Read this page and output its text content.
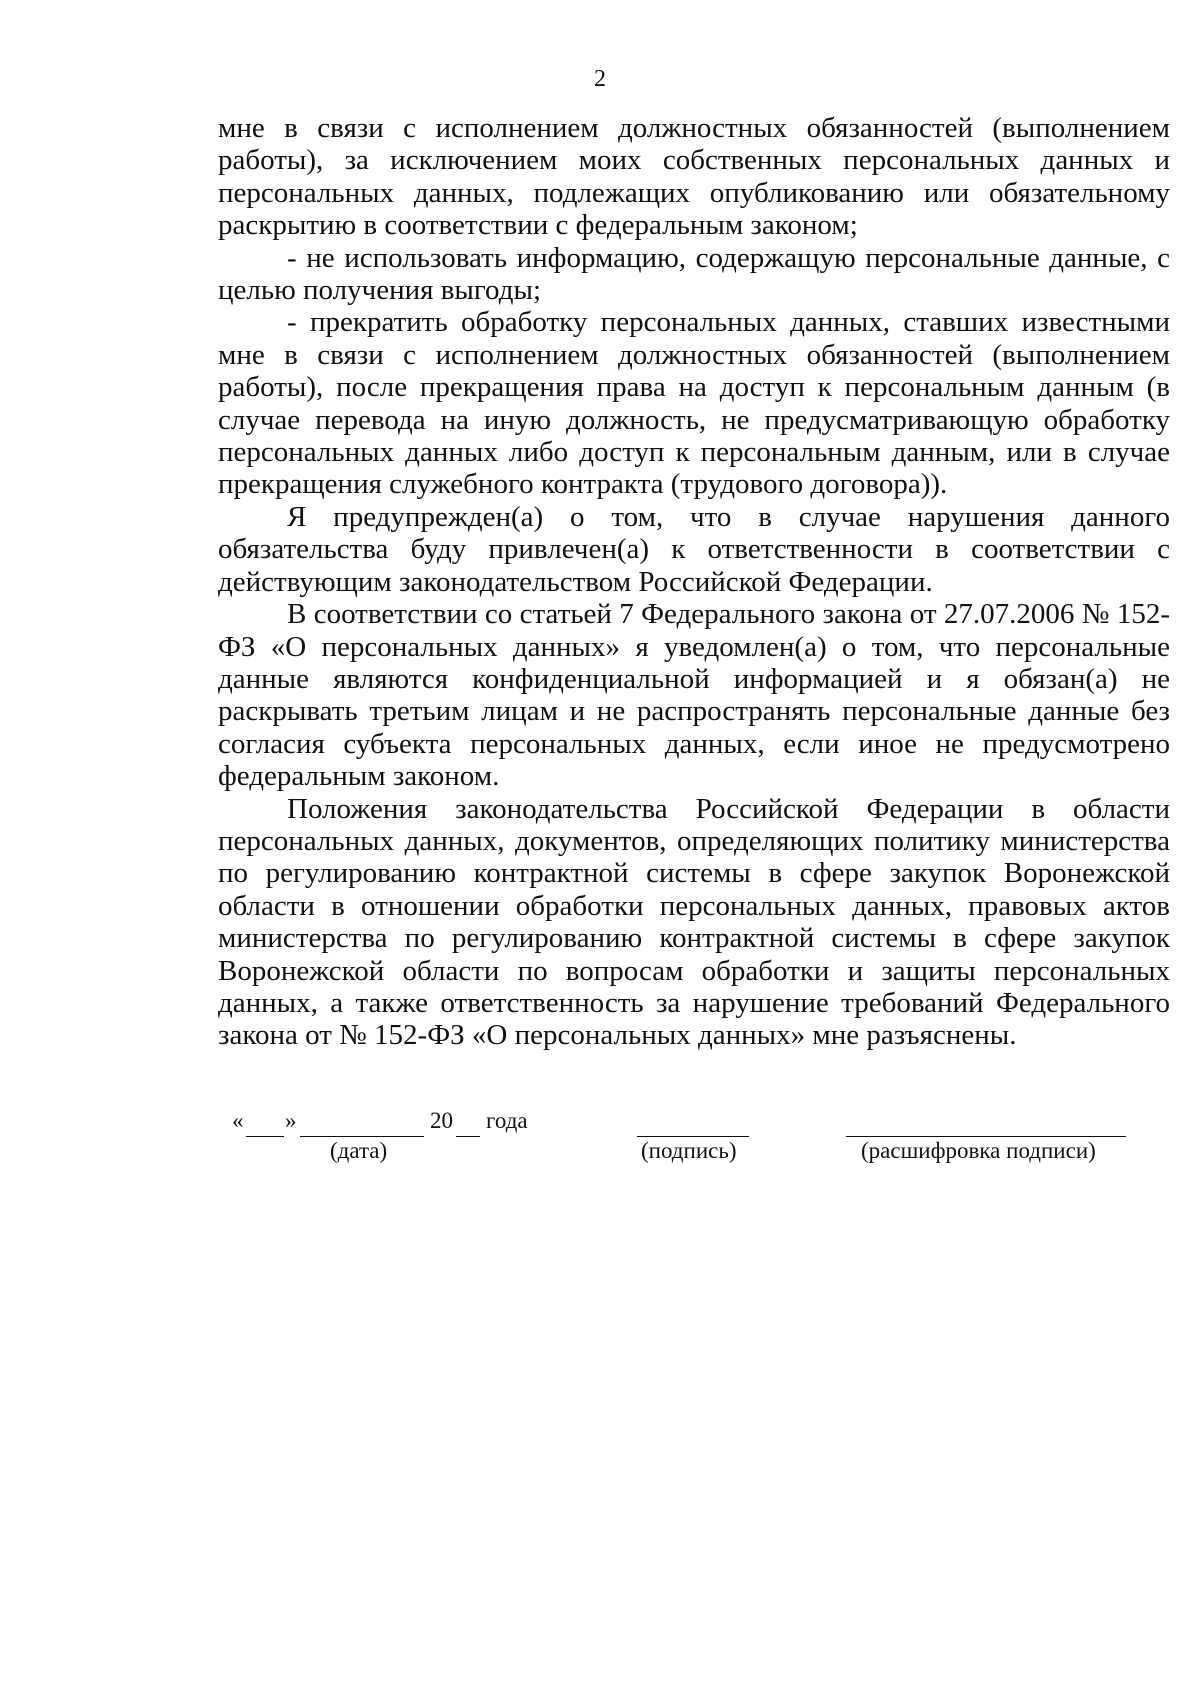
2

мне в связи с исполнением должностных обязанностей (выполнением работы), за исключением моих собственных персональных данных и персональных данных, подлежащих опубликованию или обязательному раскрытию в соответствии с федеральным законом;

- не использовать информацию, содержащую персональные данные, с целью получения выгоды;

- прекратить обработку персональных данных, ставших известными мне в связи с исполнением должностных обязанностей (выполнением работы), после прекращения права на доступ к персональным данным (в случае перевода на иную должность, не предусматривающую обработку персональных данных либо доступ к персональным данным, или в случае прекращения служебного контракта (трудового договора)).

Я предупрежден(а) о том, что в случае нарушения данного обязательства буду привлечен(а) к ответственности в соответствии с действующим законодательством Российской Федерации.

В соответствии со статьей 7 Федерального закона от 27.07.2006 № 152-ФЗ «О персональных данных» я уведомлен(а) о том, что персональные данные являются конфиденциальной информацией и я обязан(а) не раскрывать третьим лицам и не распространять персональные данные без согласия субъекта персональных данных, если иное не предусмотрено федеральным законом.

Положения законодательства Российской Федерации в области персональных данных, документов, определяющих политику министерства по регулированию контрактной системы в сфере закупок Воронежской области в отношении обработки персональных данных, правовых актов министерства по регулированию контрактной системы в сфере закупок Воронежской области по вопросам обработки и защиты персональных данных, а также ответственность за нарушение требований Федерального закона от № 152-ФЗ «О персональных данных» мне разъяснены.

« »	20 года
(дата)	(подпись)	(расшифровка подписи)
